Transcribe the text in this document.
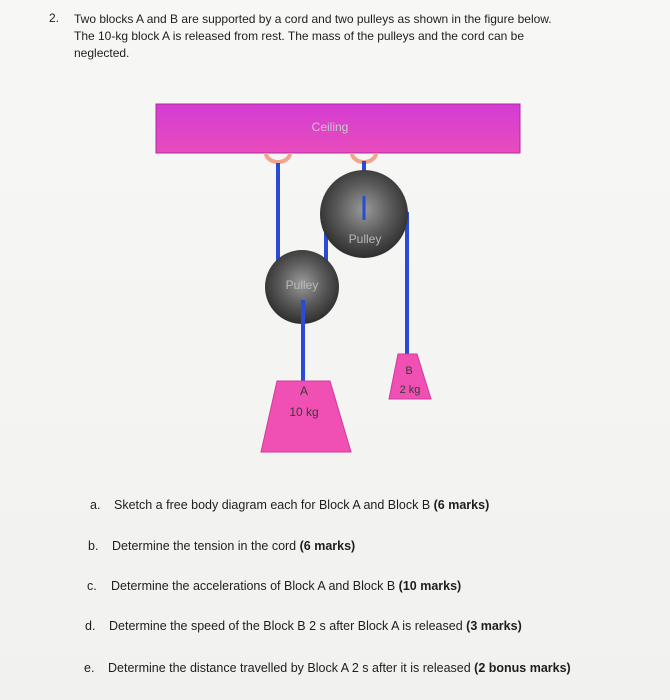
2. Two blocks A and B are supported by a cord and two pulleys as shown in the figure below.

The 10-kg block A is released from rest. The mass of the pulleys and the cord can be

neglected.

Ceiling
Pulley
Pulley
A
10 kg
B
2 kg
a. Sketch a free body diagram each for Block A and Block B (6 marks)
b. Determine the tension in the cord (6 marks)
c. Determine the accelerations of Block A and Block B (10 marks)
d. Determine the speed of the Block B 2 s after Block A is released (3 marks)
e. Determine the distance travelled by Block A 2 s after it is released (2 bonus marks)
